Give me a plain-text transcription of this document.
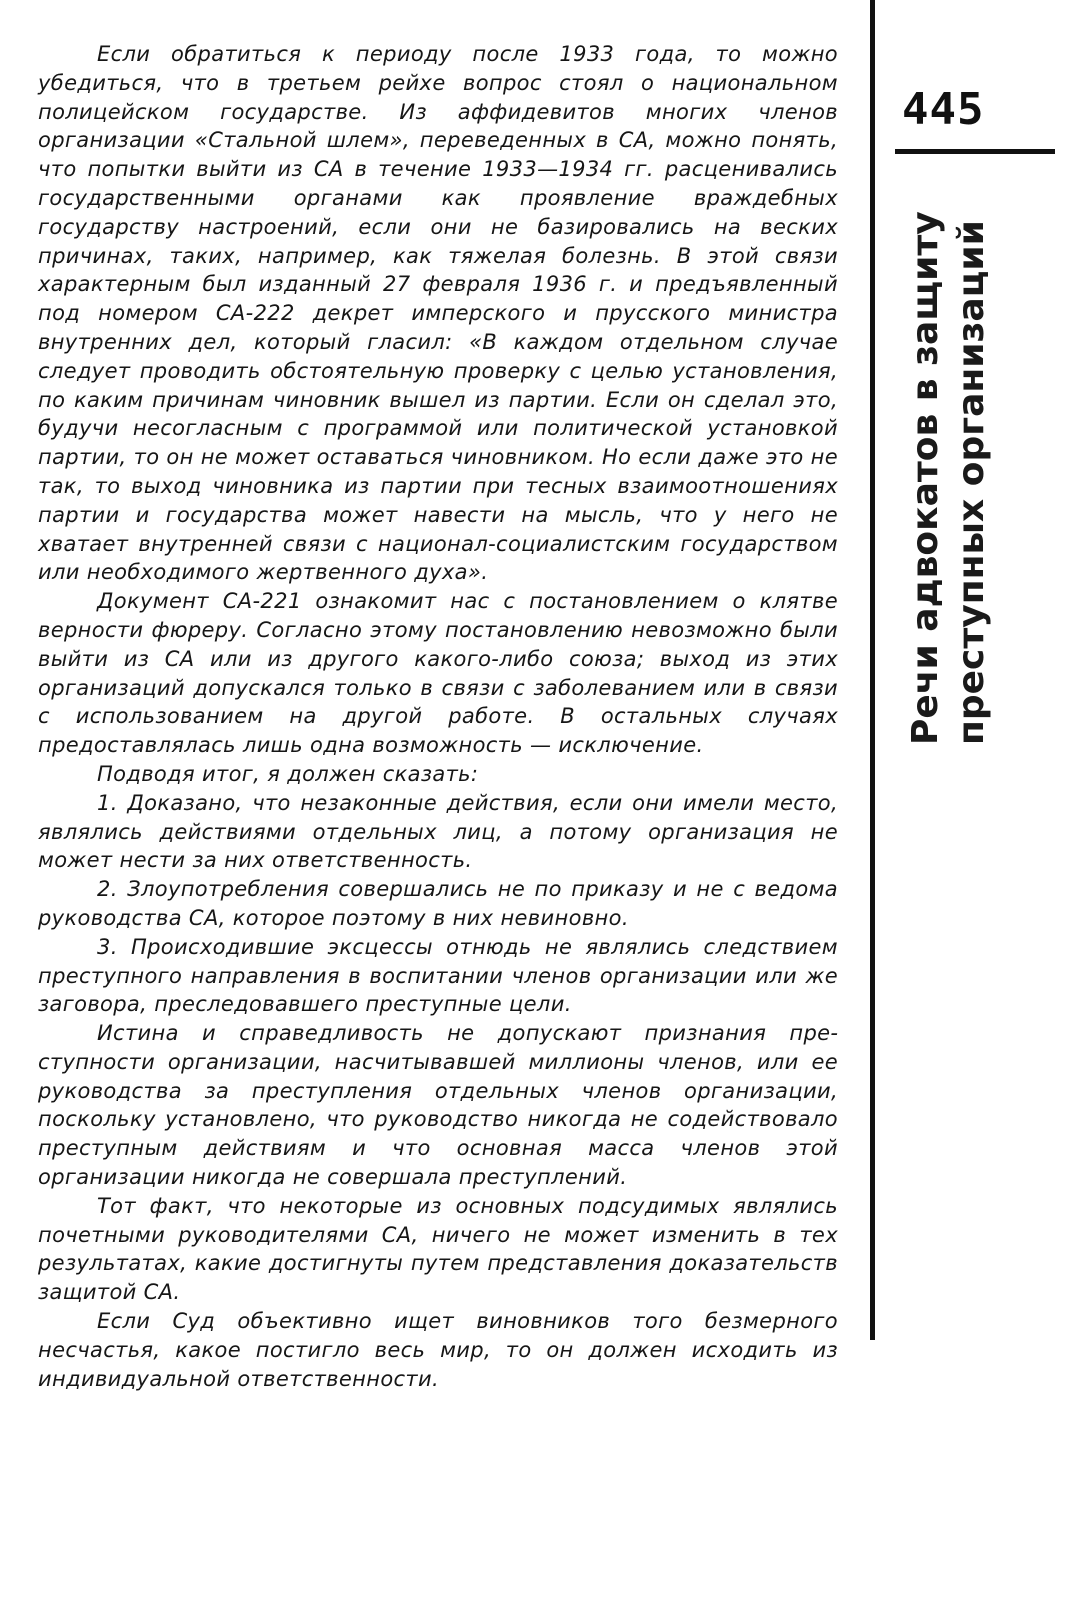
Если обратиться к периоду после 1933 года, то можно убедиться, что в третьем рейхе вопрос стоял о национальном полицейском государстве. Из аффидевитов многих членов организации «Стальной шлем», переведенных в СА, можно понять, что попытки выйти из СА в течение 1933—1934 гг. расценивались государственными органами как проявление враждебных государству настроений, если они не базировались на веских причинах, таких, например, как тяжелая болезнь. В этой связи характерным был изданный 27 февраля 1936 г. и предъявленный под номером СА-222 декрет имперского и прусского министра внутренних дел, который гласил: «В каждом отдельном случае следует проводить обстоятельную проверку с целью установления, по каким причинам чиновник вышел из партии. Если он сделал это, будучи несогласным с программой или политической установкой партии, то он не может оставаться чиновником. Но если даже это не так, то выход чиновника из партии при тесных взаимоотношениях партии и государства может навести на мысль, что у него не хватает внутренней связи с национал-социалистским государством или необходимого жертвенного духа».

Документ СА-221 ознакомит нас с постановлением о клятве верности фюреру. Согласно этому постановлению невозможно были выйти из СА или из другого какого-либо союза; выход из этих организаций допускался только в связи с заболеванием или в связи с использованием на другой работе. В остальных случаях предоставлялась лишь одна возможность — исключение.

Подводя итог, я должен сказать:

1. Доказано, что незаконные действия, если они имели место, являлись действиями отдельных лиц, а потому организация не может нести за них ответственность.

2. Злоупотребления совершались не по приказу и не с ведома руководства СА, которое поэтому в них невиновно.

3. Происходившие эксцессы отнюдь не являлись следствием преступного направления в воспитании членов организации или же заговора, преследовавшего преступные цели.

Истина и справедливость не допускают признания преступности организации, насчитывавшей миллионы членов, или ее руководства за преступления отдельных членов организации, поскольку установлено, что руководство никогда не содействовало преступным действиям и что основная масса членов этой организации никогда не совершала преступлений.

Тот факт, что некоторые из основных подсудимых являлись почетными руководителями СА, ничего не может изменить в тех результатах, какие достигнуты путем представления доказательств защитой СА.

Если Суд объективно ищет виновников того безмерного несчастья, какое постигло весь мир, то он должен исходить из индивидуальной ответственности.

445
Речи адвокатов в защиту преступных организаций
